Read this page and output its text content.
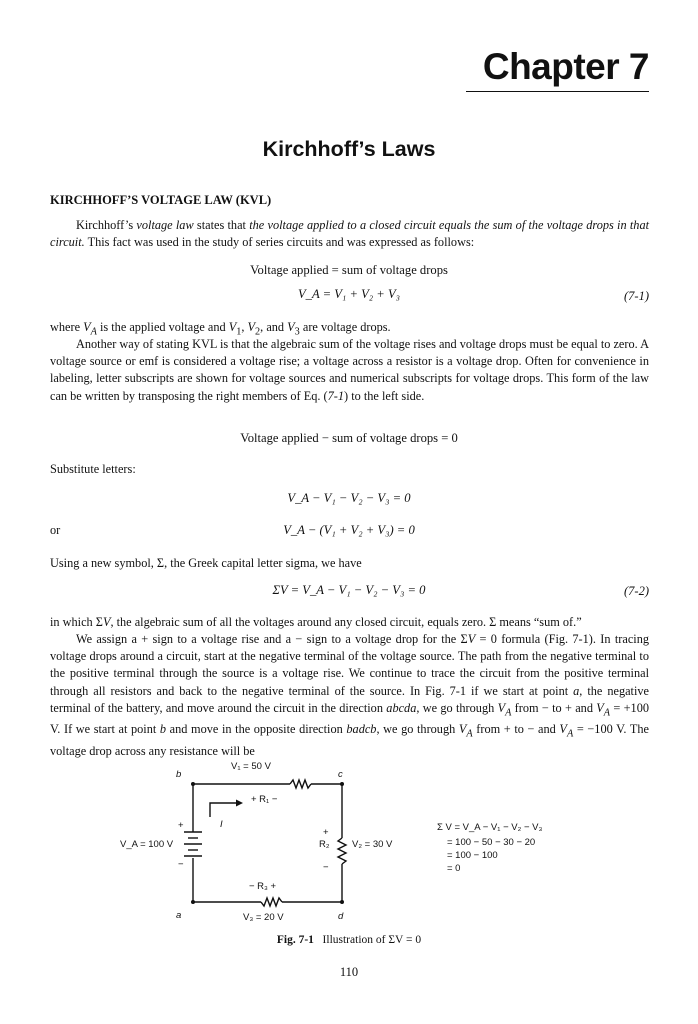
Chapter 7
Kirchhoff’s Laws
KIRCHHOFF’S VOLTAGE LAW (KVL)
Kirchhoff’s voltage law states that the voltage applied to a closed circuit equals the sum of the voltage drops in that circuit. This fact was used in the study of series circuits and was expressed as follows:
Voltage applied = sum of voltage drops
V_A = V₁ + V₂ + V₃	(7-1)
where $V_A$ is the applied voltage and $V_1$, $V_2$, and $V_3$ are voltage drops.
Another way of stating KVL is that the algebraic sum of the voltage rises and voltage drops must be equal to zero. A voltage source or emf is considered a voltage rise; a voltage across a resistor is a voltage drop. Often for convenience in labeling, letter subscripts are shown for voltage sources and numerical subscripts for voltage drops. This form of the law can be written by transposing the right members of Eq. (7-1) to the left side.
Voltage applied − sum of voltage drops = 0
Substitute letters:
V_A − V₁ − V₂ − V₃ = 0
or	V_A − (V₁ + V₂ + V₃) = 0
Using a new symbol, Σ, the Greek capital letter sigma, we have
ΣV = V_A − V₁ − V₂ − V₃ = 0	(7-2)
in which ΣV, the algebraic sum of all the voltages around any closed circuit, equals zero. Σ means “sum of.”
We assign a + sign to a voltage rise and a − sign to a voltage drop for the ΣV = 0 formula (Fig. 7-1). In tracing voltage drops around a circuit, start at the negative terminal of the voltage source. The path from the negative terminal to the positive terminal through the source is a voltage rise. We continue to trace the circuit from the positive terminal through all resistors and back to the negative terminal of the source. In Fig. 7-1 if we start at point a, the negative terminal of the battery, and move around the circuit in the direction abcda, we go through $V_A$ from − to + and $V_A = +100$ V. If we start at point b and move in the opposite direction badcb, we go through $V_A$ from + to − and $V_A = -100$ V. The voltage drop across any resistance will be
b	c
a	d
V₁ = 50 V
+ R₁ −
I
V_A = 100 V
+
−
+
−
R₂ V₂ = 30 V
− R₃ +
V₃ = 20 V
Σ V = V_A − V₁ − V₂ − V₃
= 100 − 50 − 30 − 20
= 100 − 100
= 0
Fig. 7-1 Illustration of ΣV = 0
110
